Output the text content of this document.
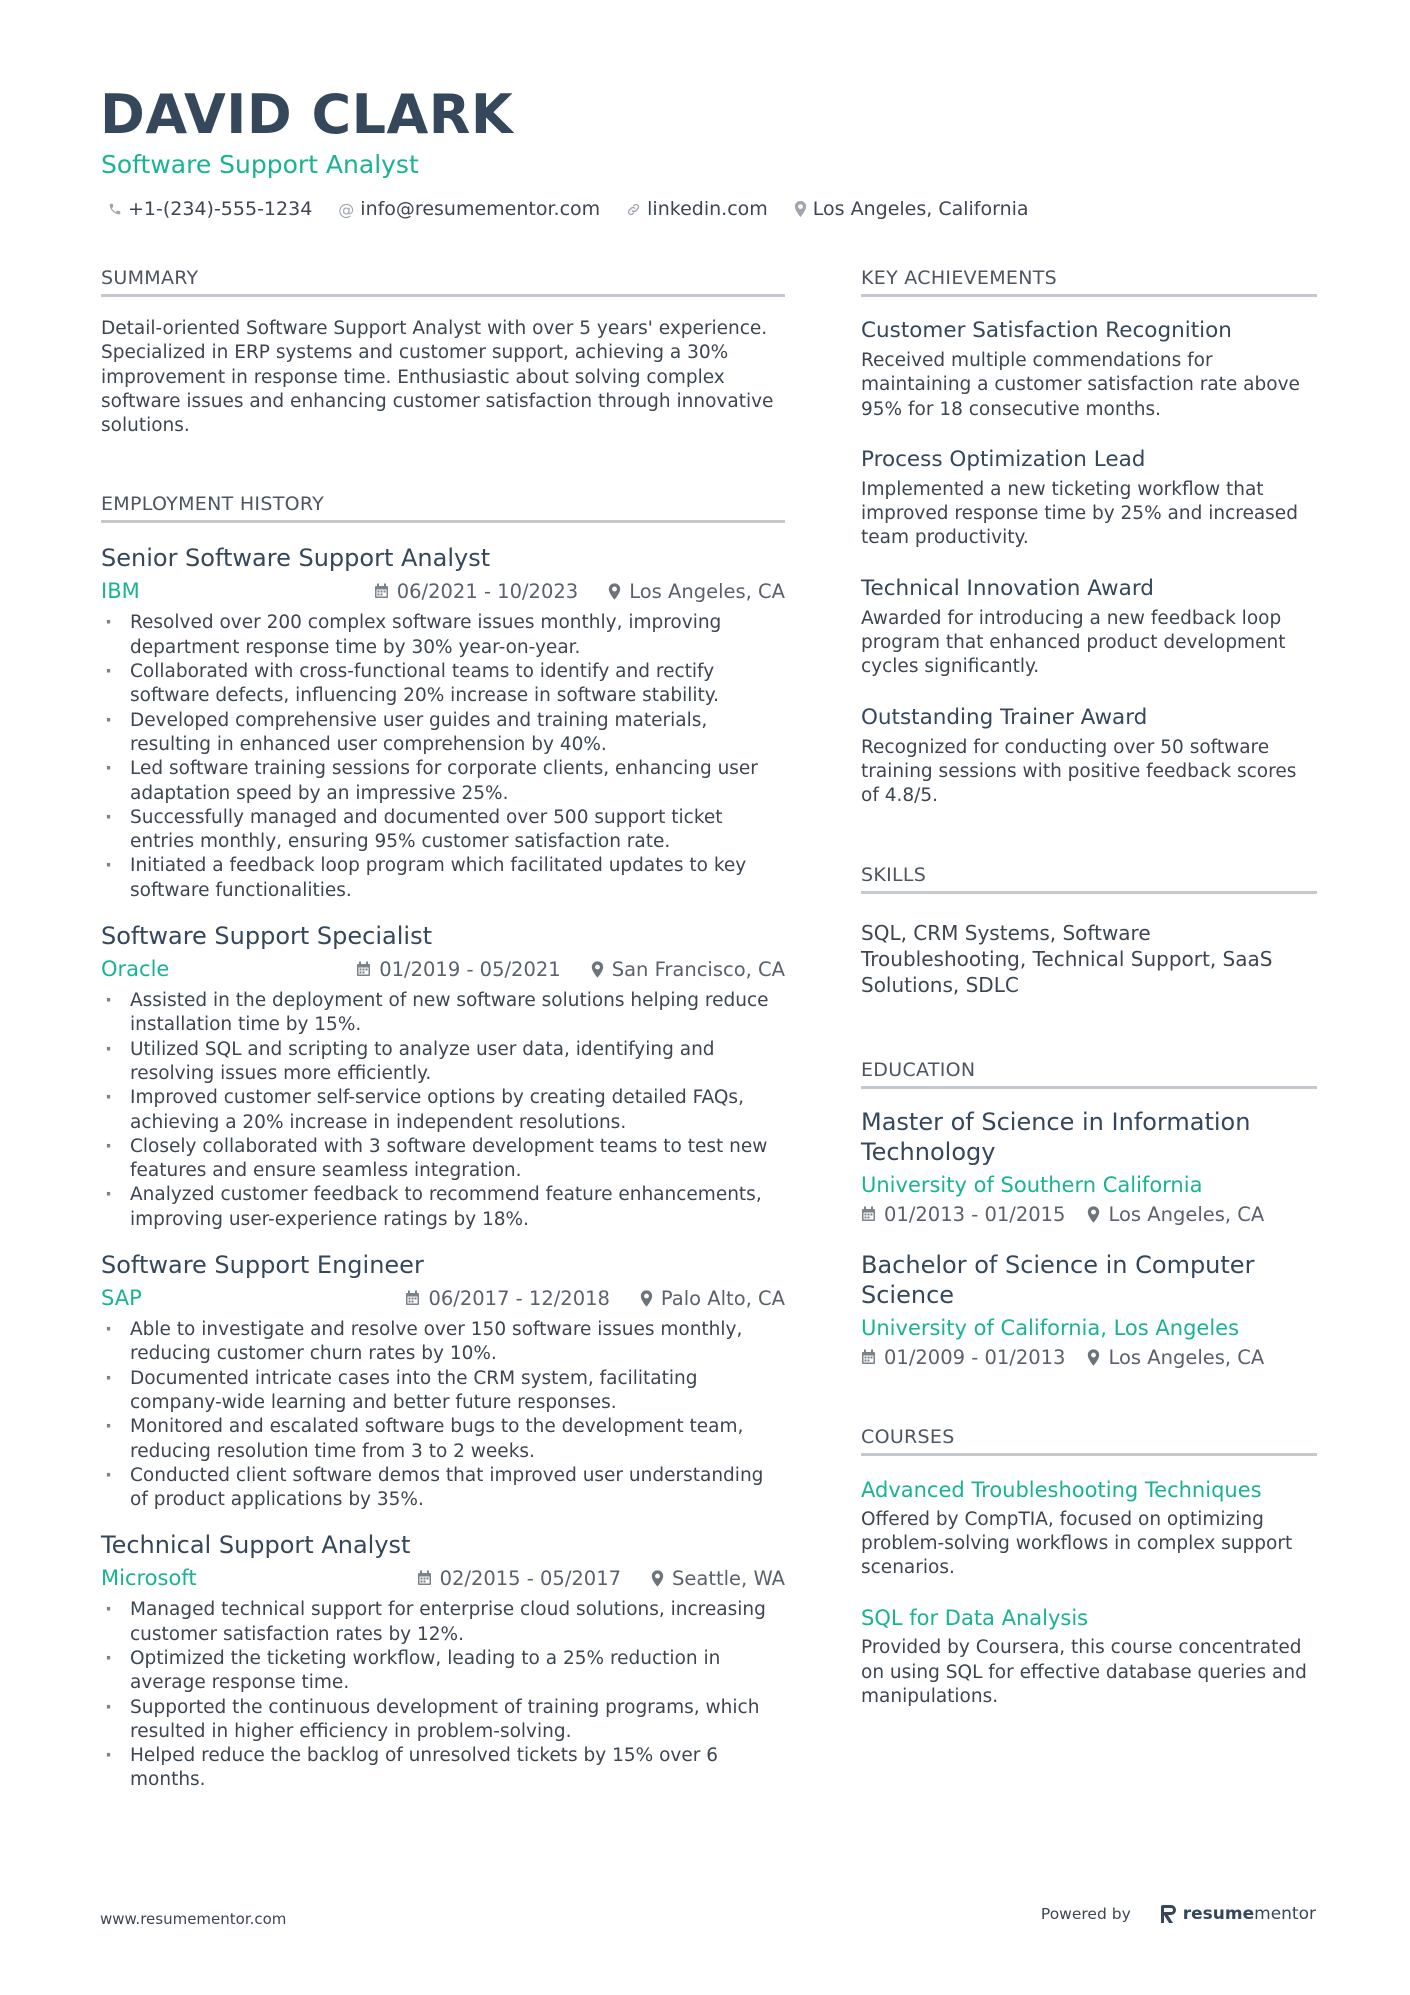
DAVID CLARK
Software Support Analyst
+1-(234)-555-1234 @ info@resumementor.com linkedin.com Los Angeles, California
SUMMARY
Detail-oriented Software Support Analyst with over 5 years' experience. Specialized in ERP systems and customer support, achieving a 30% improvement in response time. Enthusiastic about solving complex software issues and enhancing customer satisfaction through innovative solutions.
EMPLOYMENT HISTORY
Senior Software Support Analyst
IBM	06/2021 - 10/2023	Los Angeles, CA
· Resolved over 200 complex software issues monthly, improving department response time by 30% year-on-year.
· Collaborated with cross-functional teams to identify and rectify software defects, influencing 20% increase in software stability.
· Developed comprehensive user guides and training materials, resulting in enhanced user comprehension by 40%.
· Led software training sessions for corporate clients, enhancing user adaptation speed by an impressive 25%.
· Successfully managed and documented over 500 support ticket entries monthly, ensuring 95% customer satisfaction rate.
· Initiated a feedback loop program which facilitated updates to key software functionalities.
Software Support Specialist
Oracle	01/2019 - 05/2021	San Francisco, CA
· Assisted in the deployment of new software solutions helping reduce installation time by 15%.
· Utilized SQL and scripting to analyze user data, identifying and resolving issues more efficiently.
· Improved customer self-service options by creating detailed FAQs, achieving a 20% increase in independent resolutions.
· Closely collaborated with 3 software development teams to test new features and ensure seamless integration.
· Analyzed customer feedback to recommend feature enhancements, improving user-experience ratings by 18%.
Software Support Engineer
SAP	06/2017 - 12/2018	Palo Alto, CA
· Able to investigate and resolve over 150 software issues monthly, reducing customer churn rates by 10%.
· Documented intricate cases into the CRM system, facilitating company-wide learning and better future responses.
· Monitored and escalated software bugs to the development team, reducing resolution time from 3 to 2 weeks.
· Conducted client software demos that improved user understanding of product applications by 35%.
Technical Support Analyst
Microsoft	02/2015 - 05/2017	Seattle, WA
· Managed technical support for enterprise cloud solutions, increasing customer satisfaction rates by 12%.
· Optimized the ticketing workflow, leading to a 25% reduction in average response time.
· Supported the continuous development of training programs, which resulted in higher efficiency in problem-solving.
· Helped reduce the backlog of unresolved tickets by 15% over 6 months.
KEY ACHIEVEMENTS
Customer Satisfaction Recognition
Received multiple commendations for maintaining a customer satisfaction rate above 95% for 18 consecutive months.
Process Optimization Lead
Implemented a new ticketing workflow that improved response time by 25% and increased team productivity.
Technical Innovation Award
Awarded for introducing a new feedback loop program that enhanced product development cycles significantly.
Outstanding Trainer Award
Recognized for conducting over 50 software training sessions with positive feedback scores of 4.8/5.
SKILLS
SQL, CRM Systems, Software Troubleshooting, Technical Support, SaaS Solutions, SDLC
EDUCATION
Master of Science in Information Technology
University of Southern California
01/2013 - 01/2015 Los Angeles, CA
Bachelor of Science in Computer Science
University of California, Los Angeles
01/2009 - 01/2013 Los Angeles, CA
COURSES
Advanced Troubleshooting Techniques
Offered by CompTIA, focused on optimizing problem-solving workflows in complex support scenarios.
SQL for Data Analysis
Provided by Coursera, this course concentrated on using SQL for effective database queries and manipulations.
www.resumementor.com	Powered by	resume mentor
